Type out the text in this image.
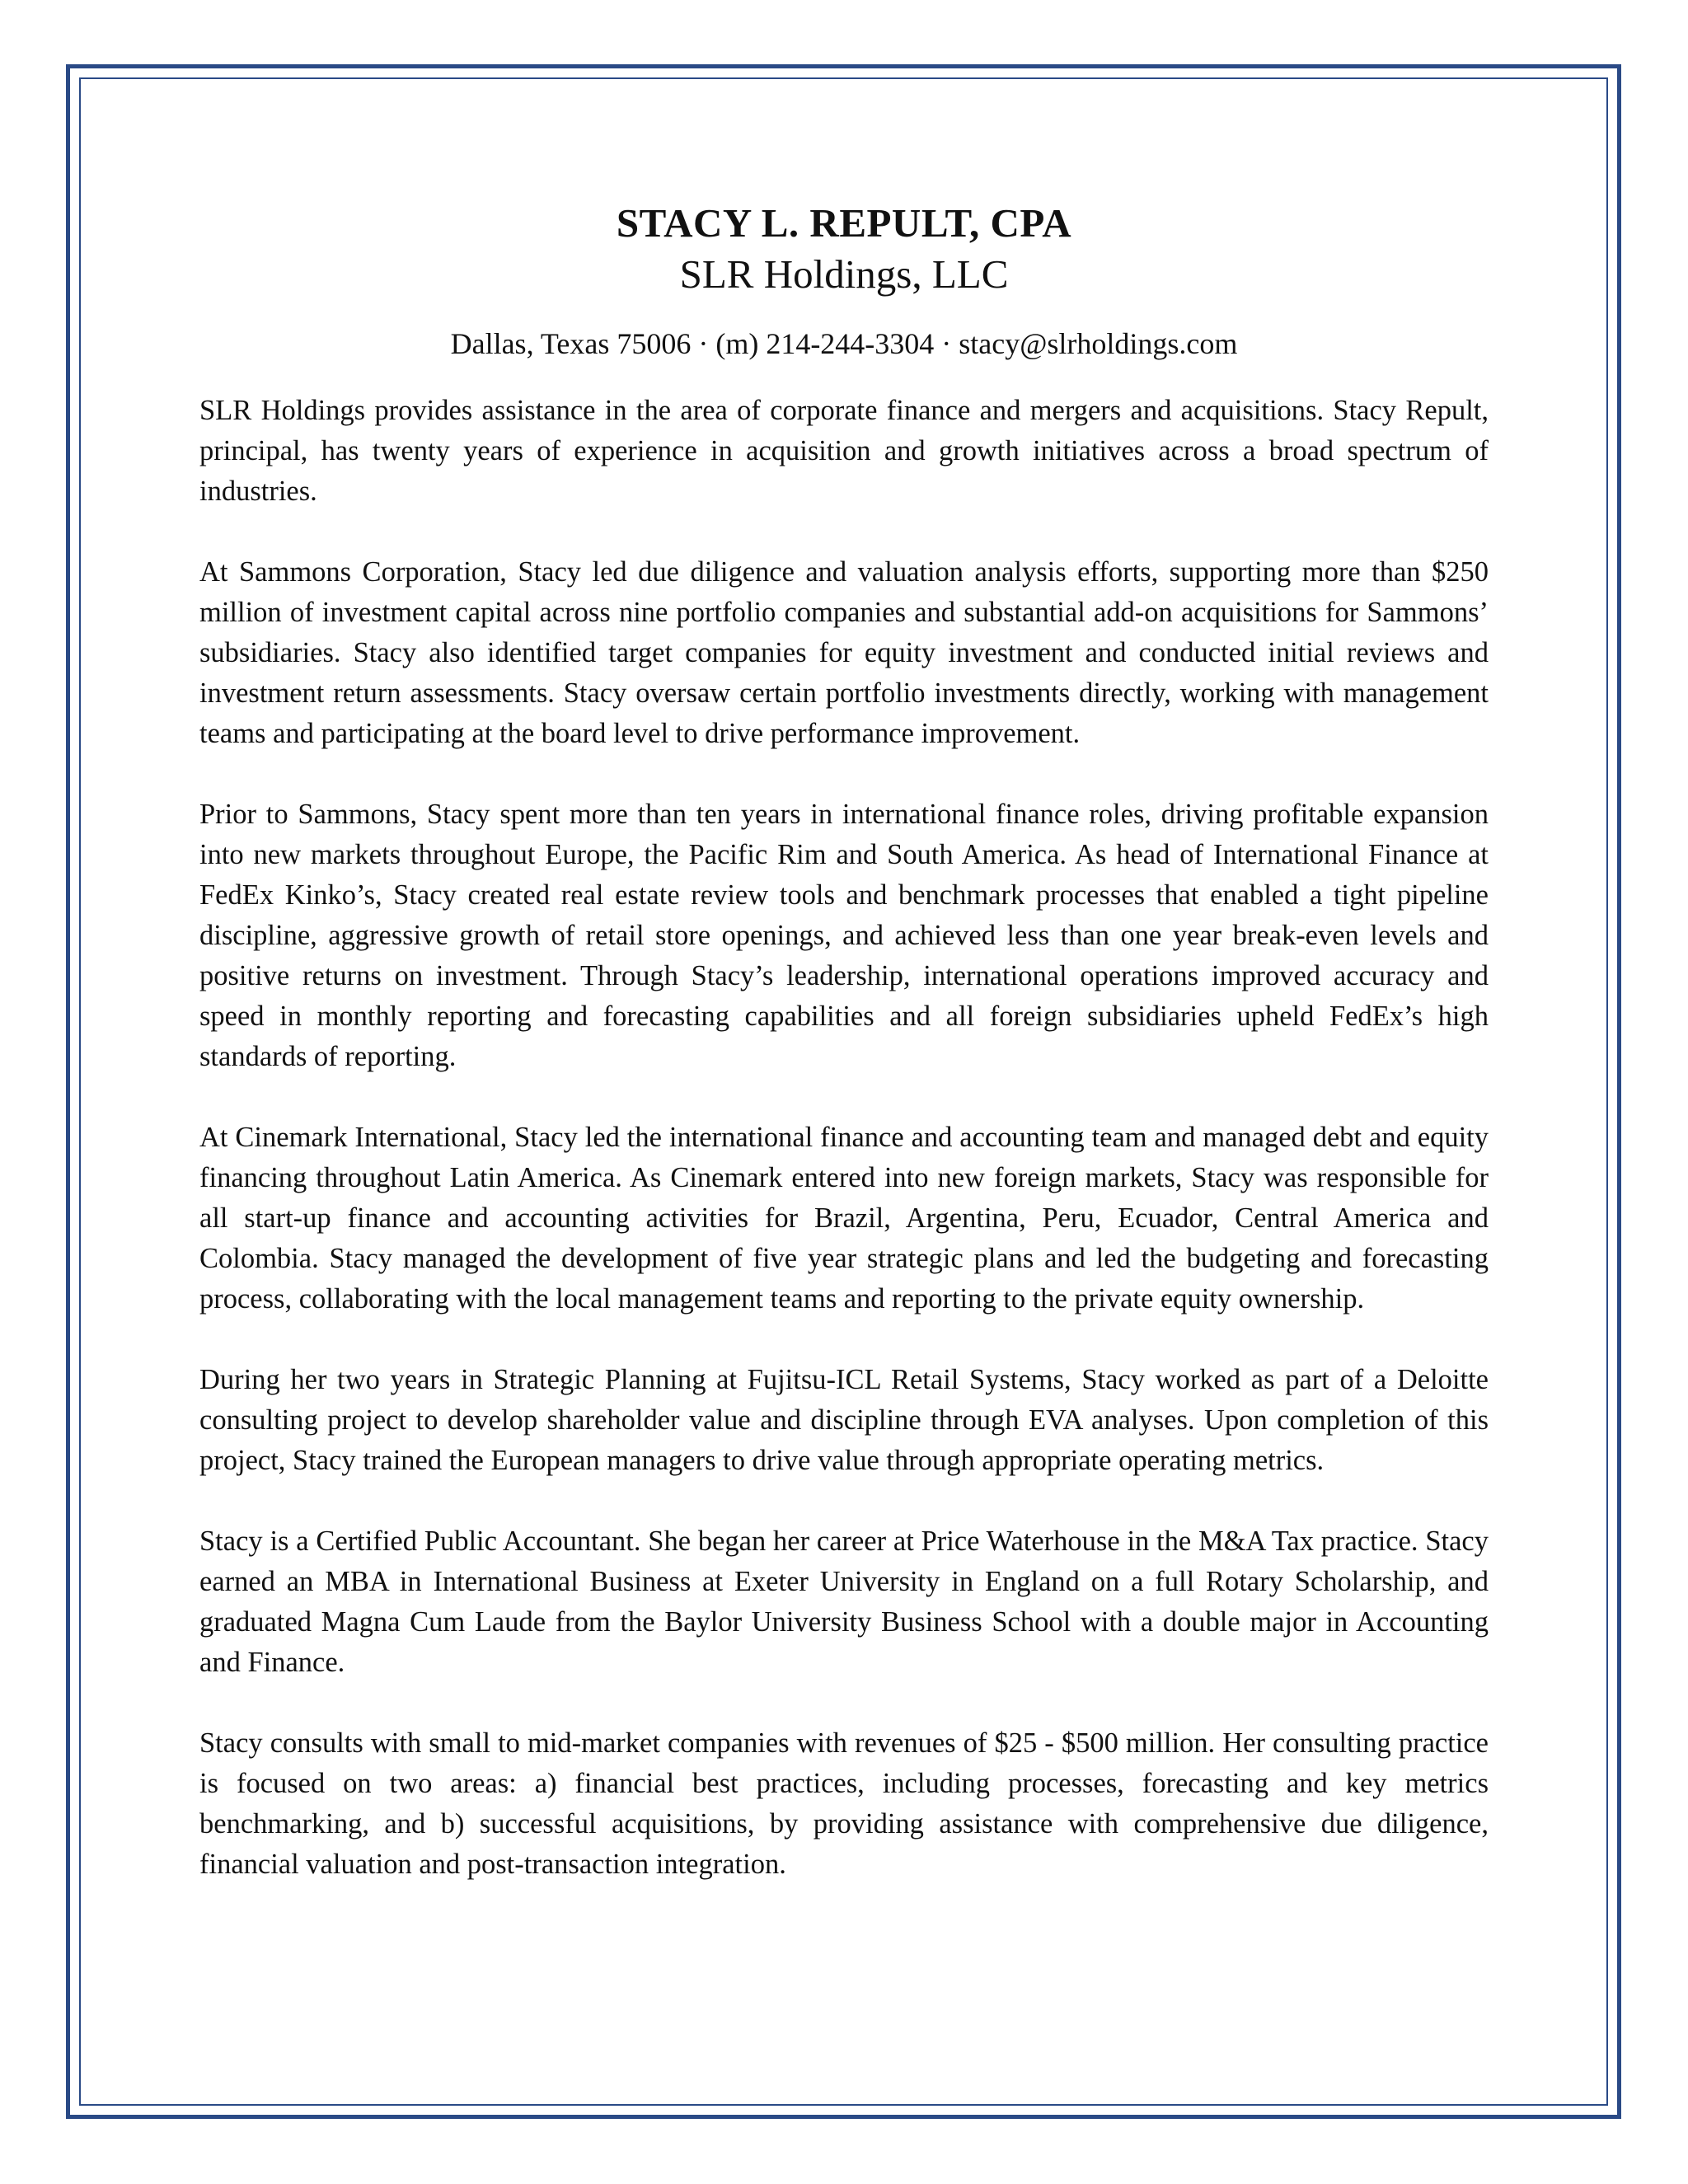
STACY L. REPULT, CPA
SLR Holdings, LLC
Dallas, Texas 75006 · (m) 214-244-3304 · stacy@slrholdings.com

SLR Holdings provides assistance in the area of corporate finance and mergers and acquisitions. Stacy Repult, principal, has twenty years of experience in acquisition and growth initiatives across a broad spectrum of industries.

At Sammons Corporation, Stacy led due diligence and valuation analysis efforts, supporting more than $250 million of investment capital across nine portfolio companies and substantial add-on acquisitions for Sammons’ subsidiaries. Stacy also identified target companies for equity investment and conducted initial reviews and investment return assessments. Stacy oversaw certain portfolio investments directly, working with management teams and participating at the board level to drive performance improvement.

Prior to Sammons, Stacy spent more than ten years in international finance roles, driving profitable expansion into new markets throughout Europe, the Pacific Rim and South America. As head of International Finance at FedEx Kinko’s, Stacy created real estate review tools and benchmark processes that enabled a tight pipeline discipline, aggressive growth of retail store openings, and achieved less than one year break-even levels and positive returns on investment. Through Stacy’s leadership, international operations improved accuracy and speed in monthly reporting and forecasting capabilities and all foreign subsidiaries upheld FedEx’s high standards of reporting.

At Cinemark International, Stacy led the international finance and accounting team and managed debt and equity financing throughout Latin America. As Cinemark entered into new foreign markets, Stacy was responsible for all start-up finance and accounting activities for Brazil, Argentina, Peru, Ecuador, Central America and Colombia. Stacy managed the development of five year strategic plans and led the budgeting and forecasting process, collaborating with the local management teams and reporting to the private equity ownership.

During her two years in Strategic Planning at Fujitsu-ICL Retail Systems, Stacy worked as part of a Deloitte consulting project to develop shareholder value and discipline through EVA analyses. Upon completion of this project, Stacy trained the European managers to drive value through appropriate operating metrics.

Stacy is a Certified Public Accountant. She began her career at Price Waterhouse in the M&A Tax practice. Stacy earned an MBA in International Business at Exeter University in England on a full Rotary Scholarship, and graduated Magna Cum Laude from the Baylor University Business School with a double major in Accounting and Finance.

Stacy consults with small to mid-market companies with revenues of $25 - $500 million. Her consulting practice is focused on two areas: a) financial best practices, including processes, forecasting and key metrics benchmarking, and b) successful acquisitions, by providing assistance with comprehensive due diligence, financial valuation and post-transaction integration.
